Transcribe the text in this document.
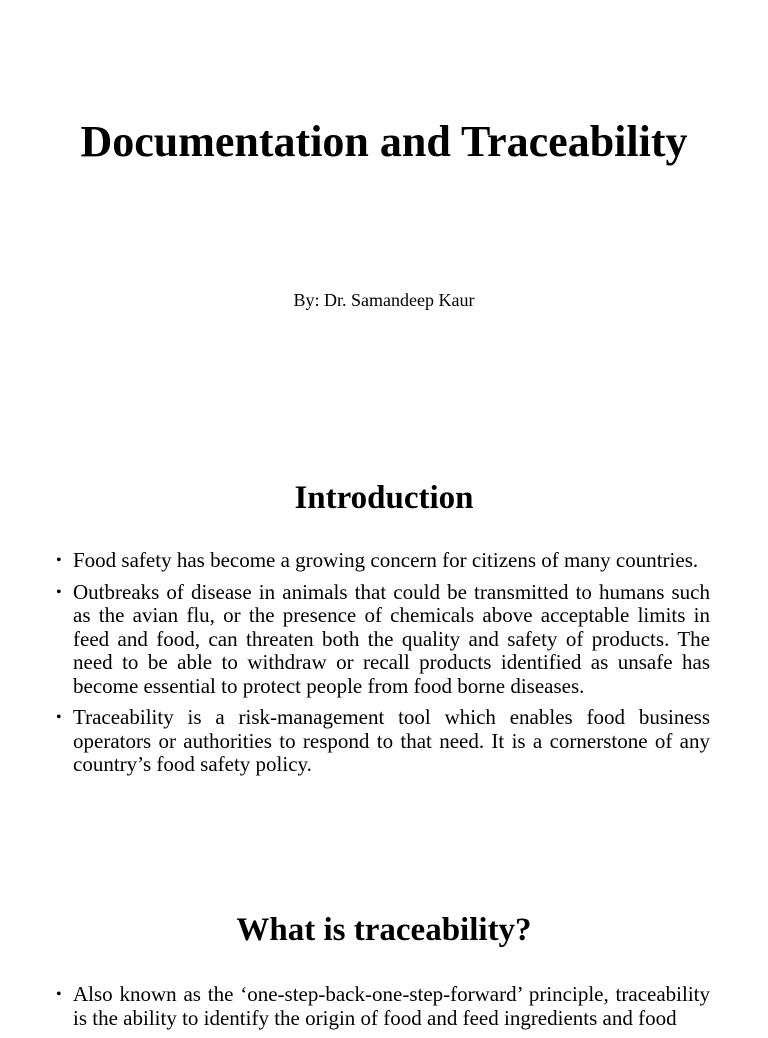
Documentation and Traceability
By: Dr. Samandeep Kaur
Introduction
• Food safety has become a growing concern for citizens of many countries.
• Outbreaks of disease in animals that could be transmitted to humans such as the avian flu, or the presence of chemicals above acceptable limits in feed and food, can threaten both the quality and safety of products. The need to be able to withdraw or recall products identified as unsafe has become essential to protect people from food borne diseases.
• Traceability is a risk-management tool which enables food business operators or authorities to respond to that need. It is a cornerstone of any country’s food safety policy.
What is traceability?
• Also known as the ‘one-step-back-one-step-forward’ principle, traceability is the ability to identify the origin of food and feed ingredients and food
